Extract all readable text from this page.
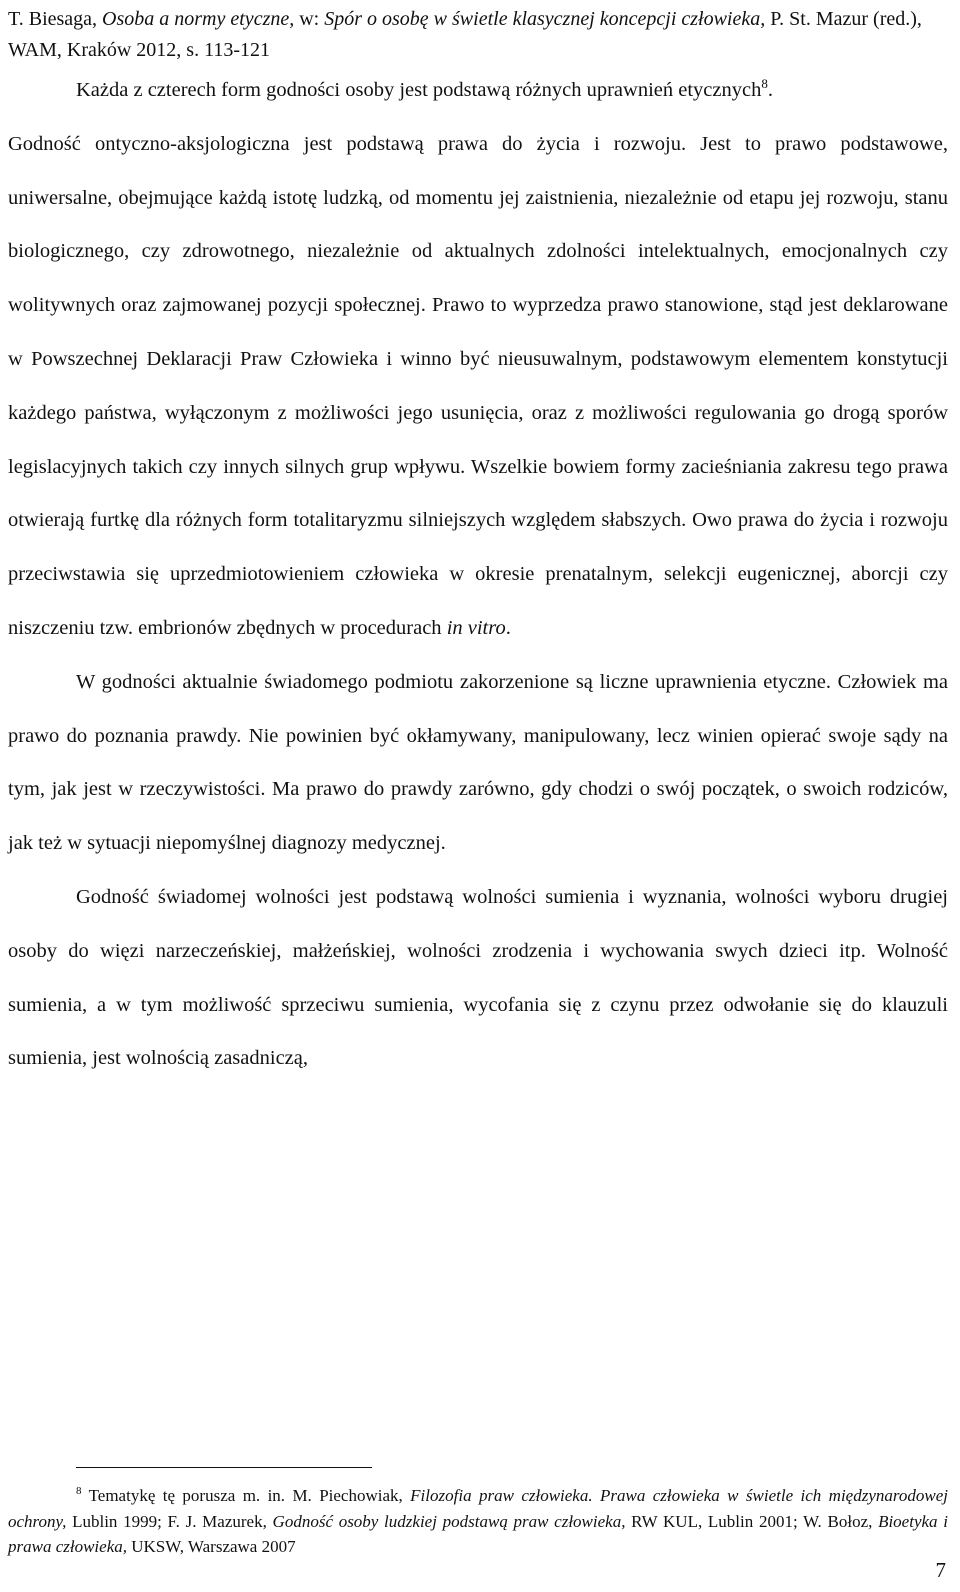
T. Biesaga, Osoba a normy etyczne, w: Spór o osobę w świetle klasycznej koncepcji człowieka, P. St. Mazur (red.), WAM, Kraków 2012, s. 113-121

Każda z czterech form godności osoby jest podstawą różnych uprawnień etycznych$^8$.

Godność ontyczno-aksjologiczna jest podstawą prawa do życia i rozwoju. Jest to prawo podstawowe, uniwersalne, obejmujące każdą istotę ludzką, od momentu jej zaistnienia, niezależnie od etapu jej rozwoju, stanu biologicznego, czy zdrowotnego, niezależnie od aktualnych zdolności intelektualnych, emocjonalnych czy wolitywnych oraz zajmowanej pozycji społecznej. Prawo to wyprzedza prawo stanowione, stąd jest deklarowane w Powszechnej Deklaracji Praw Człowieka i winno być nieusuwalnym, podstawowym elementem konstytucji każdego państwa, wyłączonym z możliwości jego usunięcia, oraz z możliwości regulowania go drogą sporów legislacyjnych takich czy innych silnych grup wpływu. Wszelkie bowiem formy zacieśniania zakresu tego prawa otwierają furtkę dla różnych form totalitaryzmu silniejszych względem słabszych. Owo prawa do życia i rozwoju przeciwstawia się uprzedmiotowieniem człowieka w okresie prenatalnym, selekcji eugenicznej, aborcji czy niszczeniu tzw. embrionów zbędnych w procedurach in vitro.

W godności aktualnie świadomego podmiotu zakorzenione są liczne uprawnienia etyczne. Człowiek ma prawo do poznania prawdy. Nie powinien być okłamywany, manipulowany, lecz winien opierać swoje sądy na tym, jak jest w rzeczywistości. Ma prawo do prawdy zarówno, gdy chodzi o swój początek, o swoich rodziców, jak też w sytuacji niepomyślnej diagnozy medycznej.

Godność świadomej wolności jest podstawą wolności sumienia i wyznania, wolności wyboru drugiej osoby do więzi narzeczeńskiej, małżeńskiej, wolności zrodzenia i wychowania swych dzieci itp. Wolność sumienia, a w tym możliwość sprzeciwu sumienia, wycofania się z czynu przez odwołanie się do klauzuli sumienia, jest wolnością zasadniczą,

$^8$ Tematykę tę porusza m. in. M. Piechowiak, Filozofia praw człowieka. Prawa człowieka w świetle ich międzynarodowej ochrony, Lublin 1999; F. J. Mazurek, Godność osoby ludzkiej podstawą praw człowieka, RW KUL, Lublin 2001; W. Bołoz, Bioetyka i prawa człowieka, UKSW, Warszawa 2007

7
